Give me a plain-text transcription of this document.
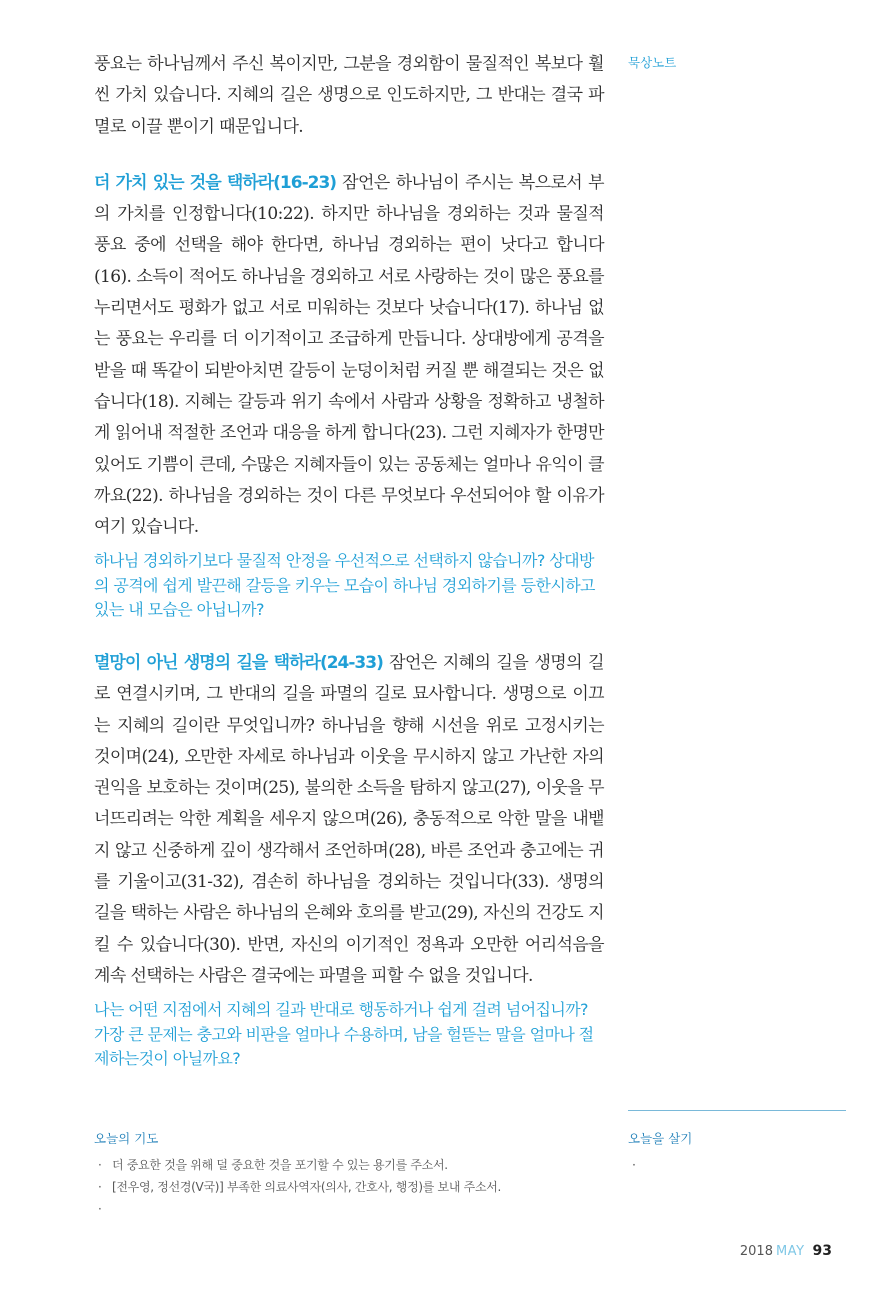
묵상노트

풍요는 하나님께서 주신 복이지만, 그분을 경외함이 물질적인 복보다 훨씬 가치 있습니다. 지혜의 길은 생명으로 인도하지만, 그 반대는 결국 파멸로 이끌 뿐이기 때문입니다.

더 가치 있는 것을 택하라(16-23) 잠언은 하나님이 주시는 복으로서 부의 가치를 인정합니다(10:22). 하지만 하나님을 경외하는 것과 물질적 풍요 중에 선택을 해야 한다면, 하나님 경외하는 편이 낫다고 합니다(16). 소득이 적어도 하나님을 경외하고 서로 사랑하는 것이 많은 풍요를 누리면서도 평화가 없고 서로 미워하는 것보다 낫습니다(17). 하나님 없는 풍요는 우리를 더 이기적이고 조급하게 만듭니다. 상대방에게 공격을 받을 때 똑같이 되받아치면 갈등이 눈덩이처럼 커질 뿐 해결되는 것은 없습니다(18). 지혜는 갈등과 위기 속에서 사람과 상황을 정확하고 냉철하게 읽어내 적절한 조언과 대응을 하게 합니다(23). 그런 지혜자가 한명만 있어도 기쁨이 큰데, 수많은 지혜자들이 있는 공동체는 얼마나 유익이 클까요(22). 하나님을 경외하는 것이 다른 무엇보다 우선되어야 할 이유가 여기 있습니다.

하나님 경외하기보다 물질적 안정을 우선적으로 선택하지 않습니까? 상대방의 공격에 쉽게 발끈해 갈등을 키우는 모습이 하나님 경외하기를 등한시하고 있는 내 모습은 아닙니까?

멸망이 아닌 생명의 길을 택하라(24-33) 잠언은 지혜의 길을 생명의 길로 연결시키며, 그 반대의 길을 파멸의 길로 묘사합니다. 생명으로 이끄는 지혜의 길이란 무엇입니까? 하나님을 향해 시선을 위로 고정시키는 것이며(24), 오만한 자세로 하나님과 이웃을 무시하지 않고 가난한 자의 권익을 보호하는 것이며(25), 불의한 소득을 탐하지 않고(27), 이웃을 무너뜨리려는 악한 계획을 세우지 않으며(26), 충동적으로 악한 말을 내뱉지 않고 신중하게 깊이 생각해서 조언하며(28), 바른 조언과 충고에는 귀를 기울이고(31-32), 겸손히 하나님을 경외하는 것입니다(33). 생명의 길을 택하는 사람은 하나님의 은혜와 호의를 받고(29), 자신의 건강도 지킬 수 있습니다(30). 반면, 자신의 이기적인 정욕과 오만한 어리석음을 계속 선택하는 사람은 결국에는 파멸을 피할 수 없을 것입니다.

나는 어떤 지점에서 지혜의 길과 반대로 행동하거나 쉽게 걸려 넘어집니까? 가장 큰 문제는 충고와 비판을 얼마나 수용하며, 남을 헐뜯는 말을 얼마나 절제하는것이 아닐까요?

오늘의 기도
· 더 중요한 것을 위해 덜 중요한 것을 포기할 수 있는 용기를 주소서.
· [전우영, 정선경(V국)] 부족한 의료사역자(의사, 간호사, 행정)를 보내 주소서.
·
오늘을 살기
·
2018 MAY 93
